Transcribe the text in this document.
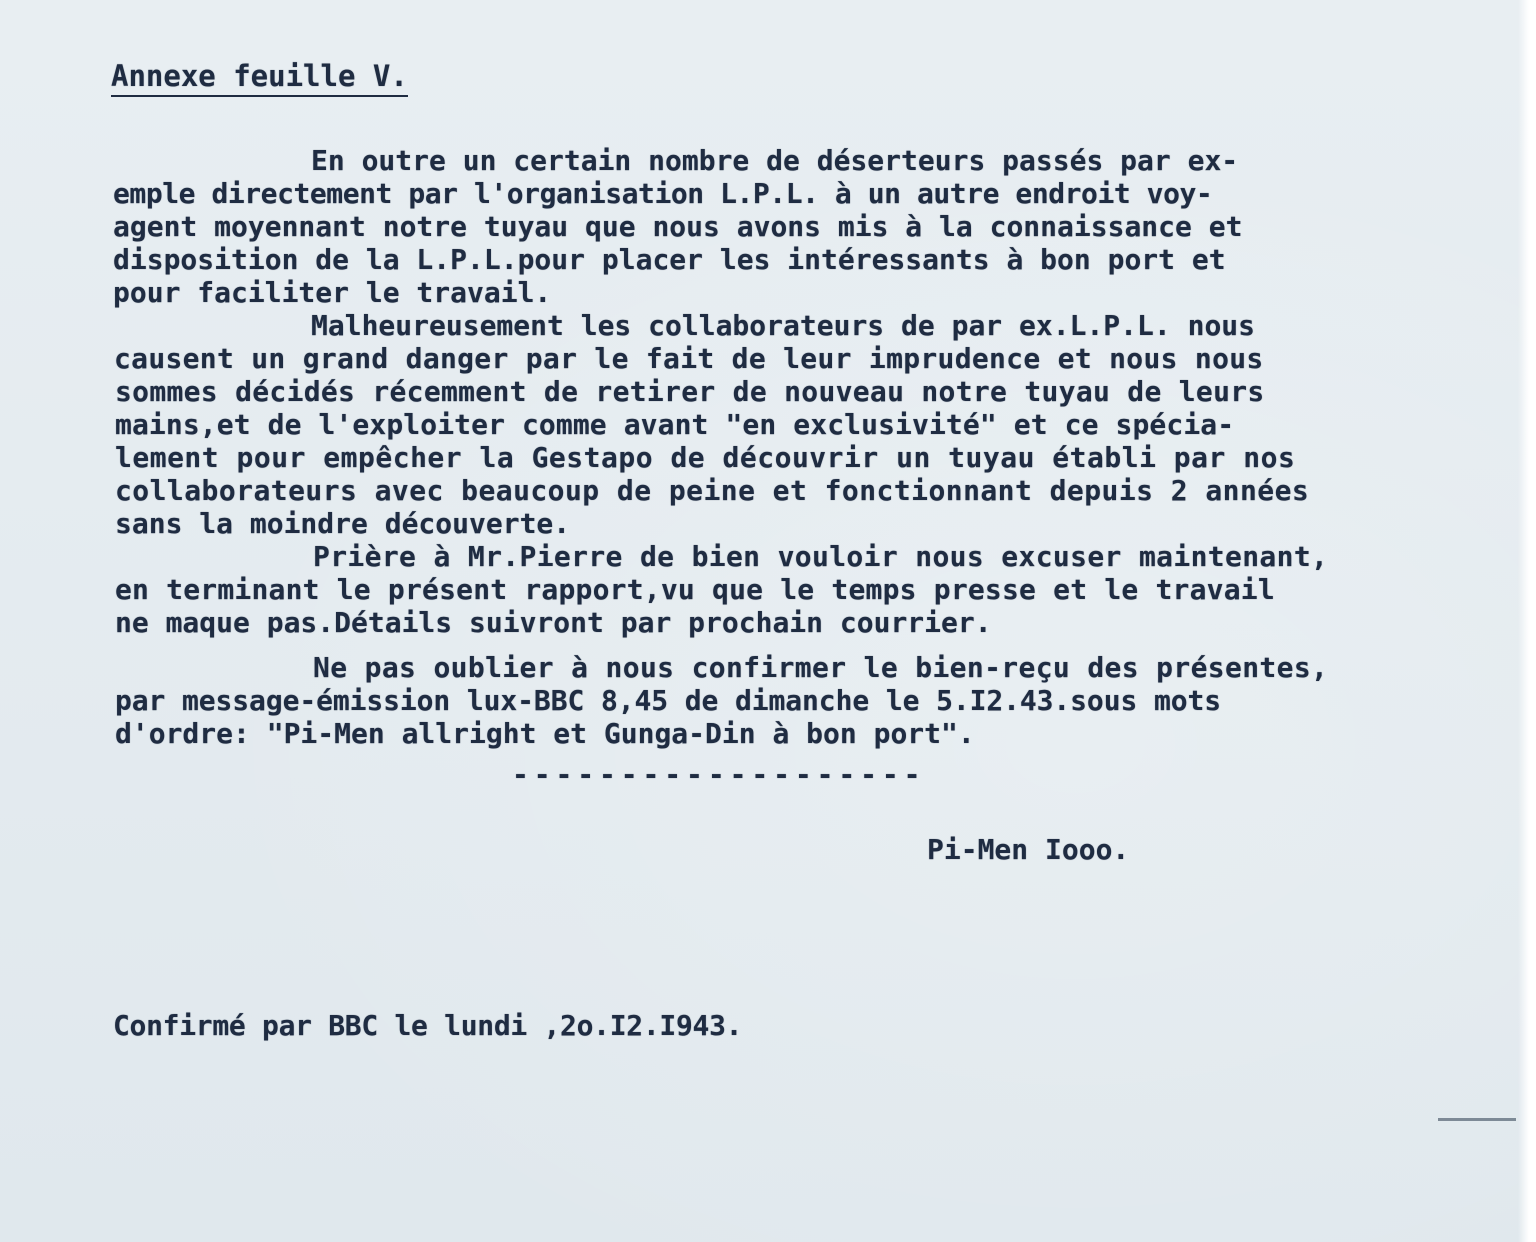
Annexe feuille V.
En outre un certain nombre de déserteurs passés par ex-
emple directement par l'organisation L.P.L. à un autre endroit voy-
agent moyennant notre tuyau que nous avons mis à la connaissance et
disposition de la L.P.L.pour placer les intéressants à bon port et
pour faciliter le travail.
Malheureusement les collaborateurs de par ex.L.P.L. nous
causent un grand danger par le fait de leur imprudence et nous nous
sommes décidés récemment de retirer de nouveau notre tuyau de leurs
mains,et de l'exploiter comme avant "en exclusivité" et ce spécia-
lement pour empêcher la Gestapo de découvrir un tuyau établi par nos
collaborateurs avec beaucoup de peine et fonctionnant depuis 2 années
sans la moindre découverte.
Prière à Mr.Pierre de bien vouloir nous excuser maintenant,
en terminant le présent rapport,vu que le temps presse et le travail
ne maque pas.Détails suivront par prochain courrier.
Ne pas oublier à nous confirmer le bien-reçu des présentes,
par message-émission lux-BBC 8,45 de dimanche le 5.I2.43.sous mots
d'ordre: "Pi-Men allright et Gunga-Din à bon port".
-------------------
Pi-Men Iooo.
Confirmé par BBC le lundi ,2o.I2.I943.
